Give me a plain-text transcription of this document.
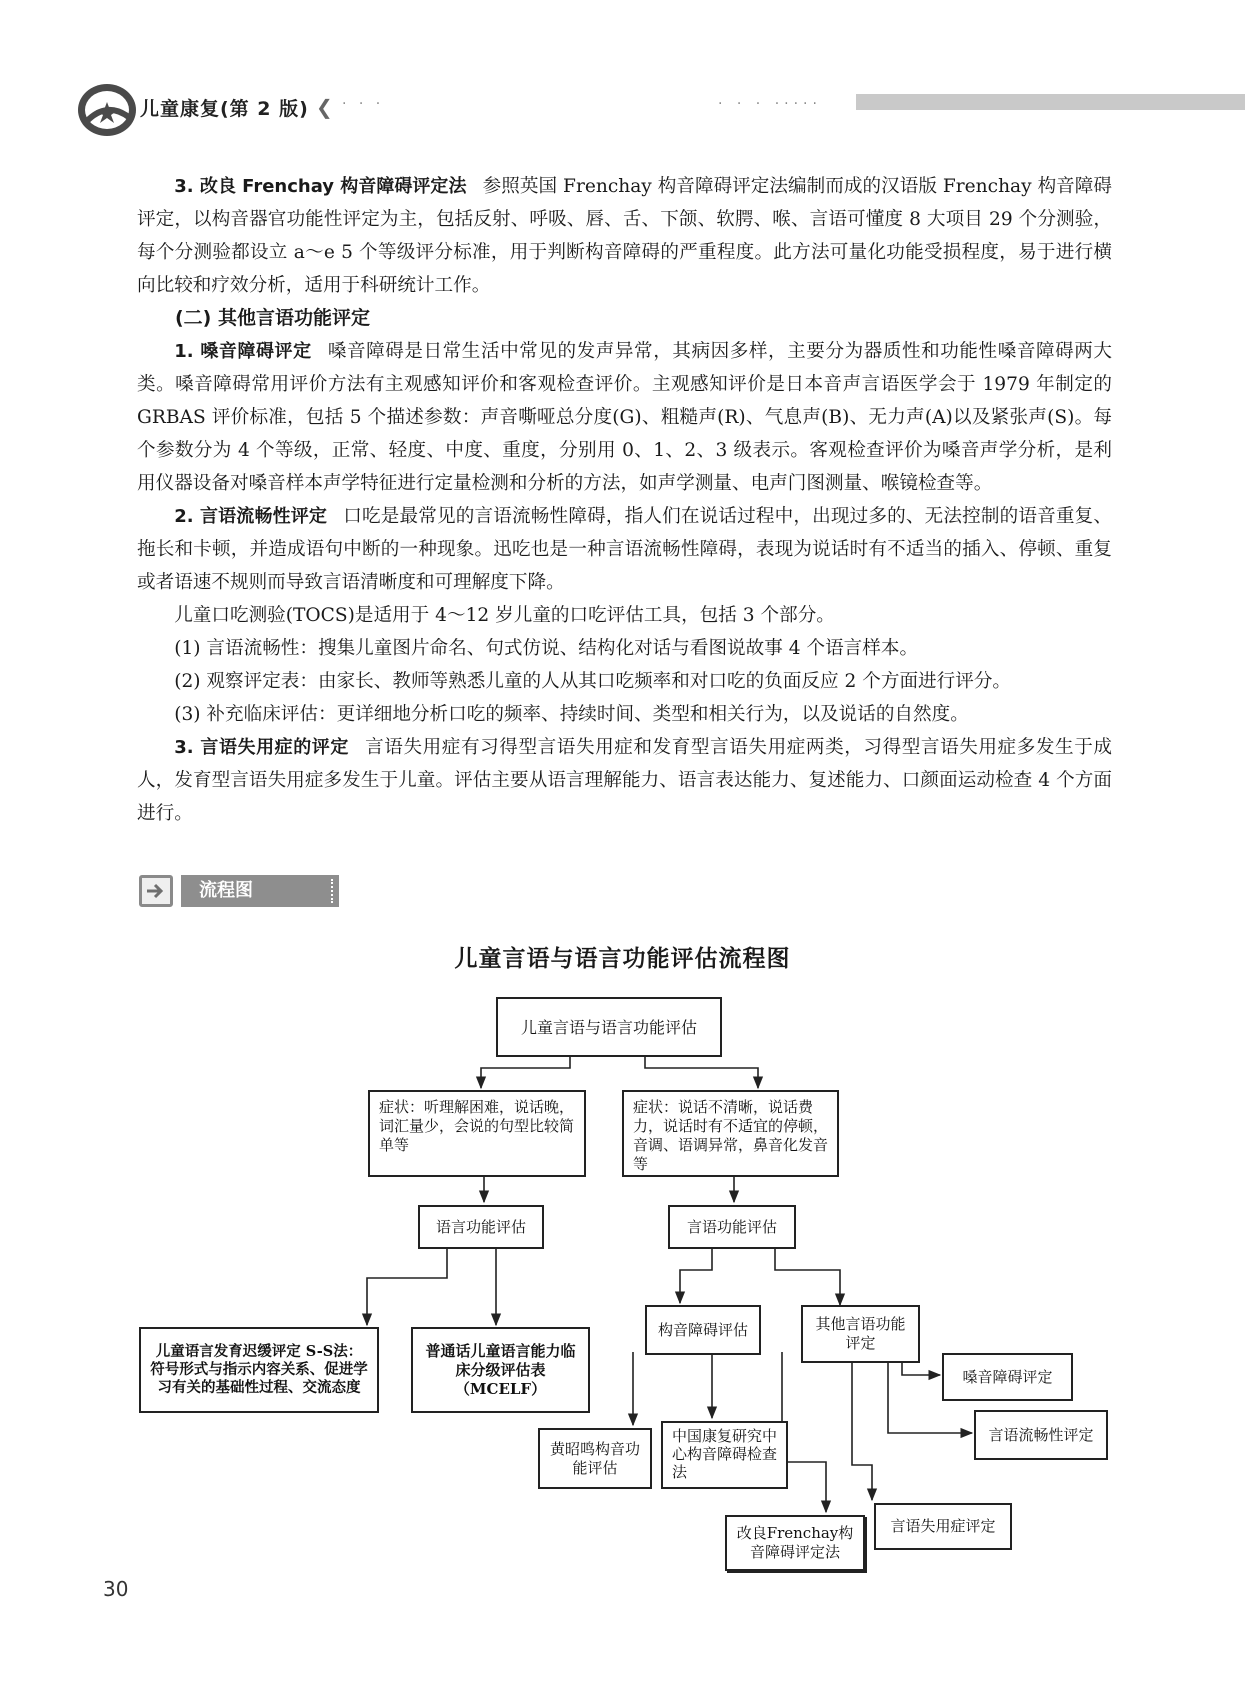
儿童康复(第 2 版) ❮ · · ·	· · · ·····

3. 改良 Frenchay 构音障碍评定法 参照英国 Frenchay 构音障碍评定法编制而成的汉语版 Frenchay 构音障碍评定，以构音器官功能性评定为主，包括反射、呼吸、唇、舌、下颌、软腭、喉、言语可懂度 8 大项目 29 个分测验，每个分测验都设立 a～e 5 个等级评分标准，用于判断构音障碍的严重程度。此方法可量化功能受损程度，易于进行横向比较和疗效分析，适用于科研统计工作。

(二) 其他言语功能评定

1. 嗓音障碍评定 嗓音障碍是日常生活中常见的发声异常，其病因多样，主要分为器质性和功能性嗓音障碍两大类。嗓音障碍常用评价方法有主观感知评价和客观检查评价。主观感知评价是日本音声言语医学会于 1979 年制定的 GRBAS 评价标准，包括 5 个描述参数：声音嘶哑总分度(G)、粗糙声(R)、气息声(B)、无力声(A)以及紧张声(S)。每个参数分为 4 个等级，正常、轻度、中度、重度，分别用 0、1、2、3 级表示。客观检查评价为嗓音声学分析，是利用仪器设备对嗓音样本声学特征进行定量检测和分析的方法，如声学测量、电声门图测量、喉镜检查等。

2. 言语流畅性评定 口吃是最常见的言语流畅性障碍，指人们在说话过程中，出现过多的、无法控制的语音重复、拖长和卡顿，并造成语句中断的一种现象。迅吃也是一种言语流畅性障碍，表现为说话时有不适当的插入、停顿、重复或者语速不规则而导致言语清晰度和可理解度下降。

儿童口吃测验(TOCS)是适用于 4～12 岁儿童的口吃评估工具，包括 3 个部分。

(1) 言语流畅性：搜集儿童图片命名、句式仿说、结构化对话与看图说故事 4 个语言样本。

(2) 观察评定表：由家长、教师等熟悉儿童的人从其口吃频率和对口吃的负面反应 2 个方面进行评分。

(3) 补充临床评估：更详细地分析口吃的频率、持续时间、类型和相关行为，以及说话的自然度。

3. 言语失用症的评定 言语失用症有习得型言语失用症和发育型言语失用症两类，习得型言语失用症多发生于成人，发育型言语失用症多发生于儿童。评估主要从语言理解能力、语言表达能力、复述能力、口颜面运动检查 4 个方面进行。

流程图
儿童言语与语言功能评估流程图
儿童言语与语言功能评估
症状：听理解困难，说话晚，词汇量少，会说的句型比较简单等
症状：说话不清晰，说话费力，说话时有不适宜的停顿，音调、语调异常，鼻音化发音等
语言功能评估	言语功能评估
儿童语言发育迟缓评定 S-S法：符号形式与指示内容关系、促进学习有关的基础性过程、交流态度
普通话儿童语言能力临床分级评估表（MCELF）
构音障碍评估	其他言语功能评定
嗓音障碍评定
言语流畅性评定
言语失用症评定
黄昭鸣构音功能评估
中国康复研究中心构音障碍检查法
改良Frenchay构音障碍评定法
30
